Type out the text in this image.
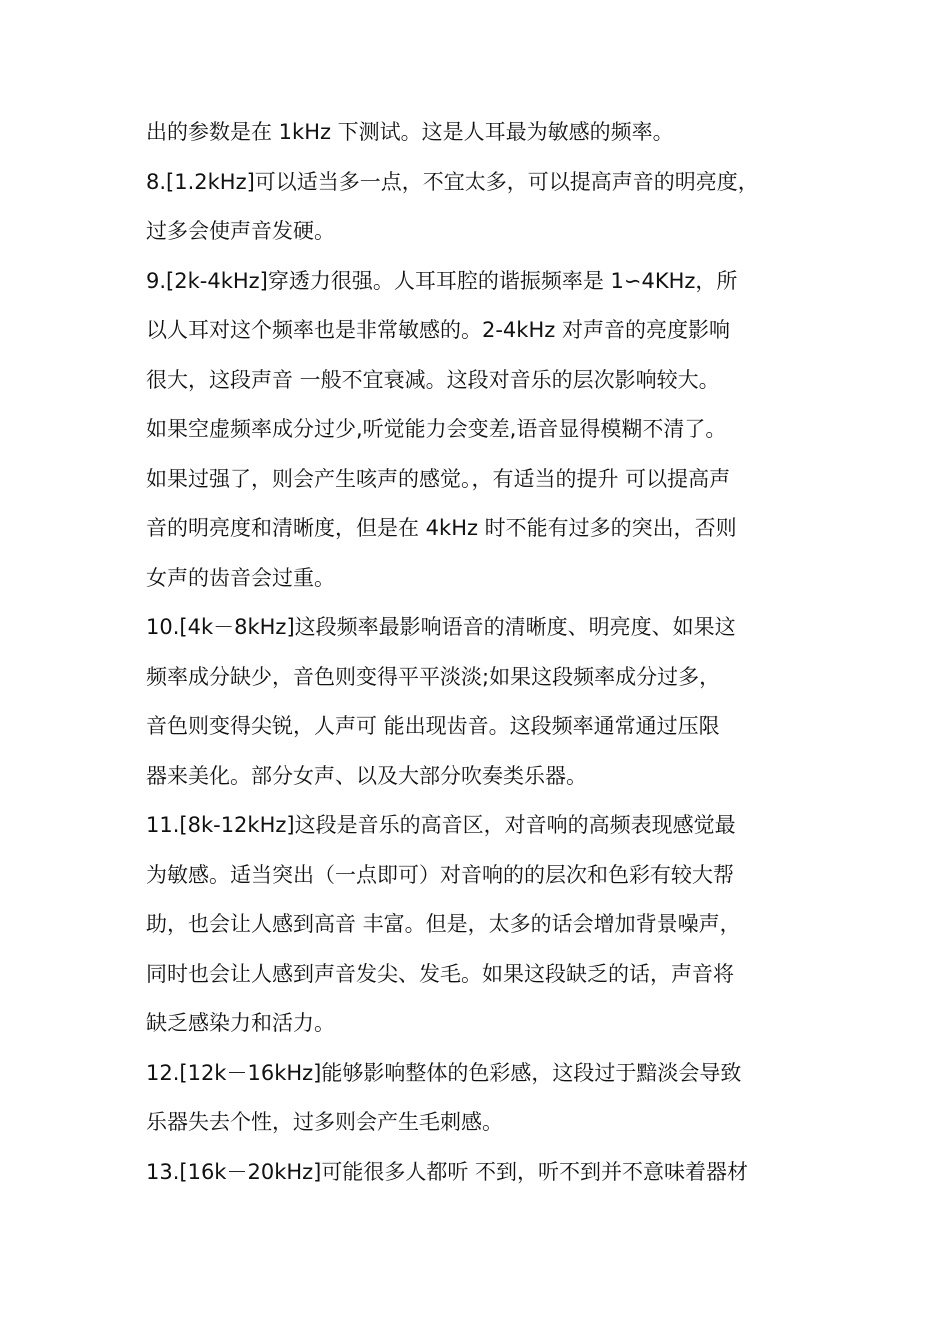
出的参数是在 1kHz 下测试。这是人耳最为敏感的频率。
8.[1.2kHz]可以适当多一点，不宜太多，可以提高声音的明亮度，
过多会使声音发硬。
9.[2k-4kHz]穿透力很强。人耳耳腔的谐振频率是 1∽4KHz，所
以人耳对这个频率也是非常敏感的。2-4kHz 对声音的亮度影响
很大，这段声音 一般不宜衰减。这段对音乐的层次影响较大。
如果空虚频率成分过少,听觉能力会变差,语音显得模糊不清了。
如果过强了，则会产生咳声的感觉。，有适当的提升 可以提高声
音的明亮度和清晰度，但是在 4kHz 时不能有过多的突出，否则
女声的齿音会过重。
10.[4k－8kHz]这段频率最影响语音的清晰度、明亮度、如果这
频率成分缺少，音色则变得平平淡淡;如果这段频率成分过多，
音色则变得尖锐，人声可 能出现齿音。这段频率通常通过压限
器来美化。部分女声、以及大部分吹奏类乐器。
11.[8k-12kHz]这段是音乐的高音区，对音响的高频表现感觉最
为敏感。适当突出（一点即可）对音响的的层次和色彩有较大帮
助，也会让人感到高音 丰富。但是，太多的话会增加背景噪声，
同时也会让人感到声音发尖、发毛。如果这段缺乏的话，声音将
缺乏感染力和活力。
12.[12k－16kHz]能够影响整体的色彩感，这段过于黯淡会导致
乐器失去个性，过多则会产生毛刺感。
13.[16k－20kHz]可能很多人都听 不到，听不到并不意味着器材
